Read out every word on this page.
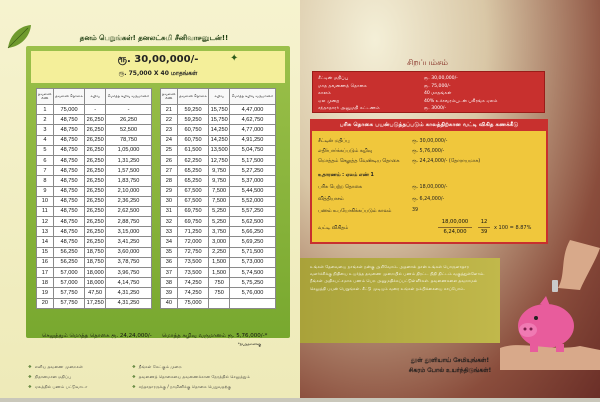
தனம் பெறுங்கள்! தனலட்சுமி சீனிவாசனுடன்!!
ரூ. 30,00,000/-
ரூ. 75,000 X 40 மாதங்கள்
✦
தவணை எண்	தவணை தொகை	கழிவு	மொத்த கழிவு வருமானம்
1	75,000	-	-
2	48,750	26,250	26,250
3	48,750	26,250	52,500
4	48,750	26,250	78,750
5	48,750	26,250	1,05,000
6	48,750	26,250	1,31,250
7	48,750	26,250	1,57,500
8	48,750	26,250	1,83,750
9	48,750	26,250	2,10,000
10	48,750	26,250	2,36,250
11	48,750	26,250	2,62,500
12	48,750	26,250	2,88,750
13	48,750	26,250	3,15,000
14	48,750	26,250	3,41,250
15	56,250	18,750	3,60,000
16	56,250	18,750	3,78,750
17	57,000	18,000	3,96,750
18	57,000	18,000	4,14,750
19	57,750	47,50	4,31,250
20	57,750	17,250	4,31,250
தவணை எண்	தவணை தொகை	கழிவு	மொத்த கழிவு வருமானம்
21	59,250	15,750	4,47,000
22	59,250	15,750	4,62,750
23	60,750	14,250	4,77,000
24	60,750	14,250	4,91,250
25	61,500	13,500	5,04,750
26	62,250	12,750	5,17,500
27	65,250	9,750	5,27,250
28	65,250	9,750	5,37,000
29	67,500	7,500	5,44,500
30	67,500	7,500	5,52,000
31	69,750	5,250	5,57,250
32	69,750	5,250	5,62,500
33	71,250	3,750	5,66,250
34	72,000	3,000	5,69,250
35	72,750	2,250	5,71,500
36	73,500	1,500	5,73,000
37	73,500	1,500	5,74,500
38	74,250	750	5,75,250
39	74,250	750	5,76,000
40	75,000		
செலுத்தும் மொத்த தொகை ரூ. 24,24,000/- மொத்த கழிவு வருமானம் ரூ. 5,76,000/-*
*நிபந்தனைக்கு
❖ எளிய தவணை முறைகள்
❖ நிதானமான மதிப்பு
❖ ஏலத்தில் பணம் பட்டுவாடா
❖ நீங்கள் கேட்கும் முறை
❖ தவணைத் தொகையை தவணைக்கான நேரத்தில் செலுத்தும்
❖ சந்தாதாரருக்கு / நாமினிக்கு தொகை பெறுவதற்கு
சிறப்பம்சம்
சீட்டின் மதிப்பு	ரூ. 30,00,000/-
மாத தவணைத் தொகை	ரூ. 75,000/-
காலம்	40 மாதங்கள்
ஏல முறை	40% உச்சவரம்புடன் பகிரங்க ஏலம்
சந்தாதாரர் அனுமதி கட்டணம்	ரூ. 3000/-
பரிசு தொகை பயன்படுத்தப்படும் காலத்திற்கான வட்டி விகித கணக்கீடு
சீட்டின் மதிப்பு	ரூ. 30,00,000/-
எதிர்பார்க்கப்படும் கழிவு	ரூ. 5,76,000/-
மொத்தம் செலுத்த வேண்டிய தொகை	ரூ. 24,24,000/- (தோராயமாக)
உதாரணம் : ஏலம் எண் 1
பரிசு பெற்ற தொகை	ரூ. 18,00,000/-
வித்தியாசம்	ரூ. 6,24,000/-
பணம் உபயோகிக்கப்படும் காலம்	39
வட்டி விகிதம்
18,00,000
6,24,000
12
39
x 100 = 8.87%
உங்கள் தேவையை நாங்கள் நன்கு அறிவோம். அதனால் தான் உங்கள் பொருளாதார வளர்ச்சிக்கு நிதியை உயர்த்த தவணை முறையில் பணம் திரட்ட நிதி திட்டம் வகுத்துள்ளோம். நீங்கள் அதிகபட்சமாக பணம் பெற அனுமதிக்கப்பட்டுள்ளீர்கள். தவணைகளை தவறாமல் செலுத்தி பயன் பெறுங்கள். சீட்டு முடியும் வரை உங்கள் நம்பிக்கையை காப்போம்.
தூள் தூளியாய் சேமியுங்கள்!
சிகரம் போல் உயர்ந்திடுங்கள்!
